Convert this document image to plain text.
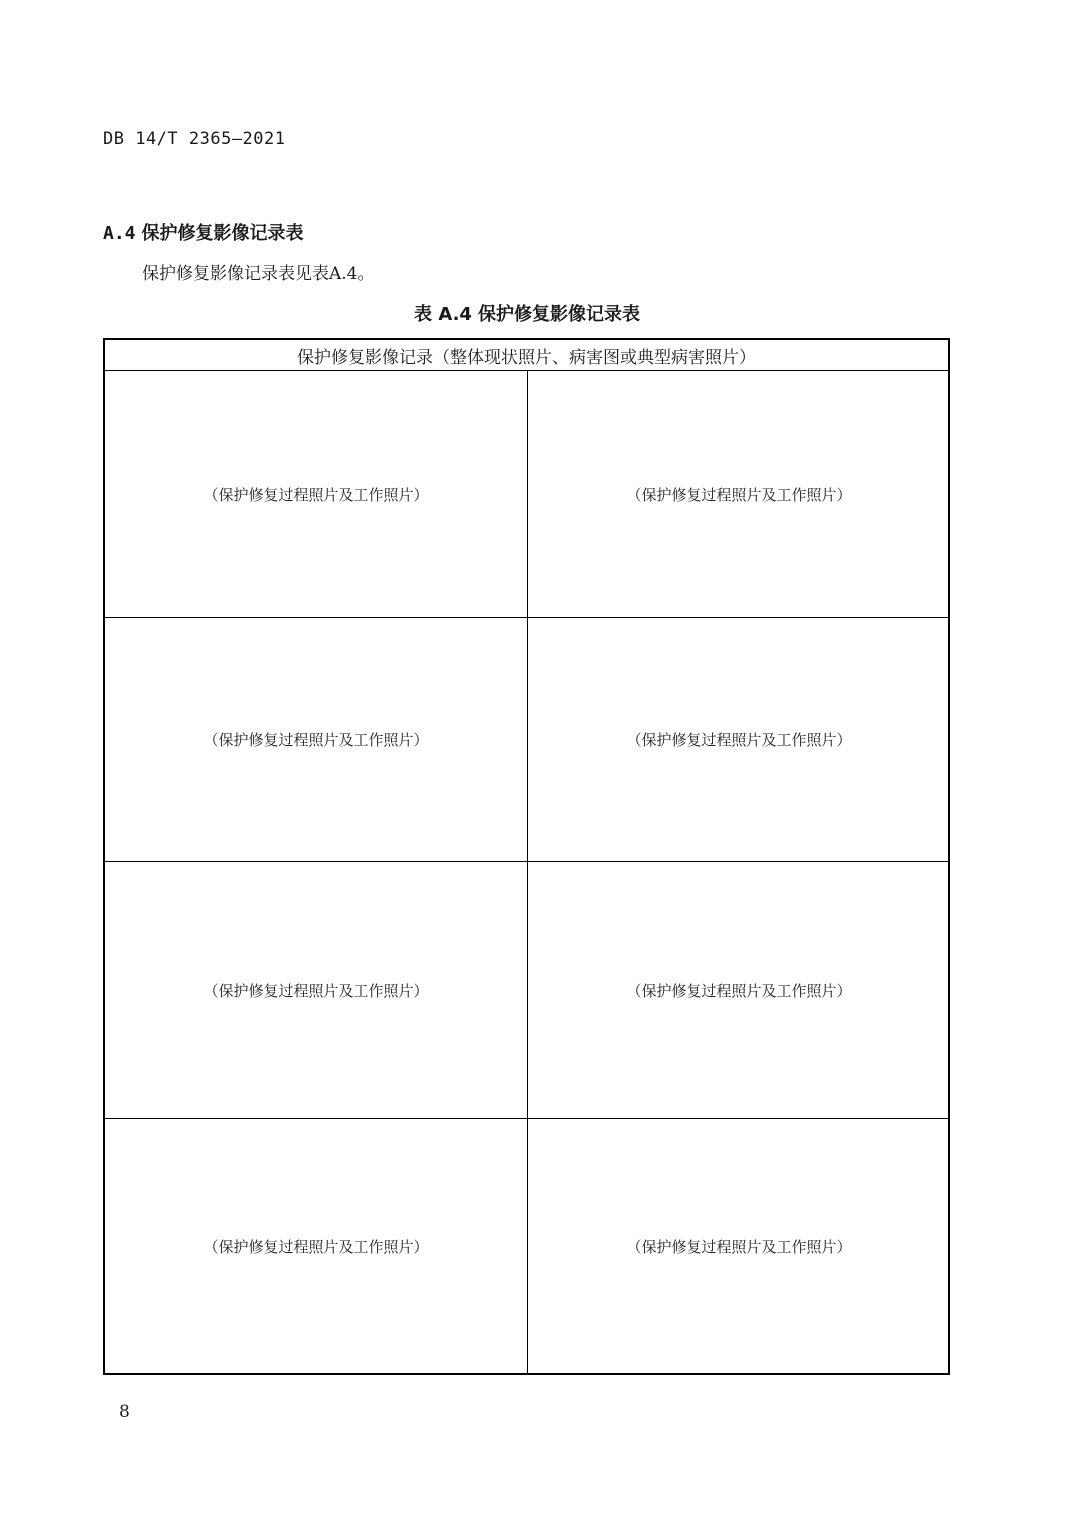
DB 14/T 2365—2021
A.4 保护修复影像记录表
保护修复影像记录表见表A.4。
表 A.4 保护修复影像记录表
保护修复影像记录（整体现状照片、病害图或典型病害照片）
（保护修复过程照片及工作照片）	（保护修复过程照片及工作照片）
（保护修复过程照片及工作照片）	（保护修复过程照片及工作照片）
（保护修复过程照片及工作照片）	（保护修复过程照片及工作照片）
（保护修复过程照片及工作照片）	（保护修复过程照片及工作照片）
8
